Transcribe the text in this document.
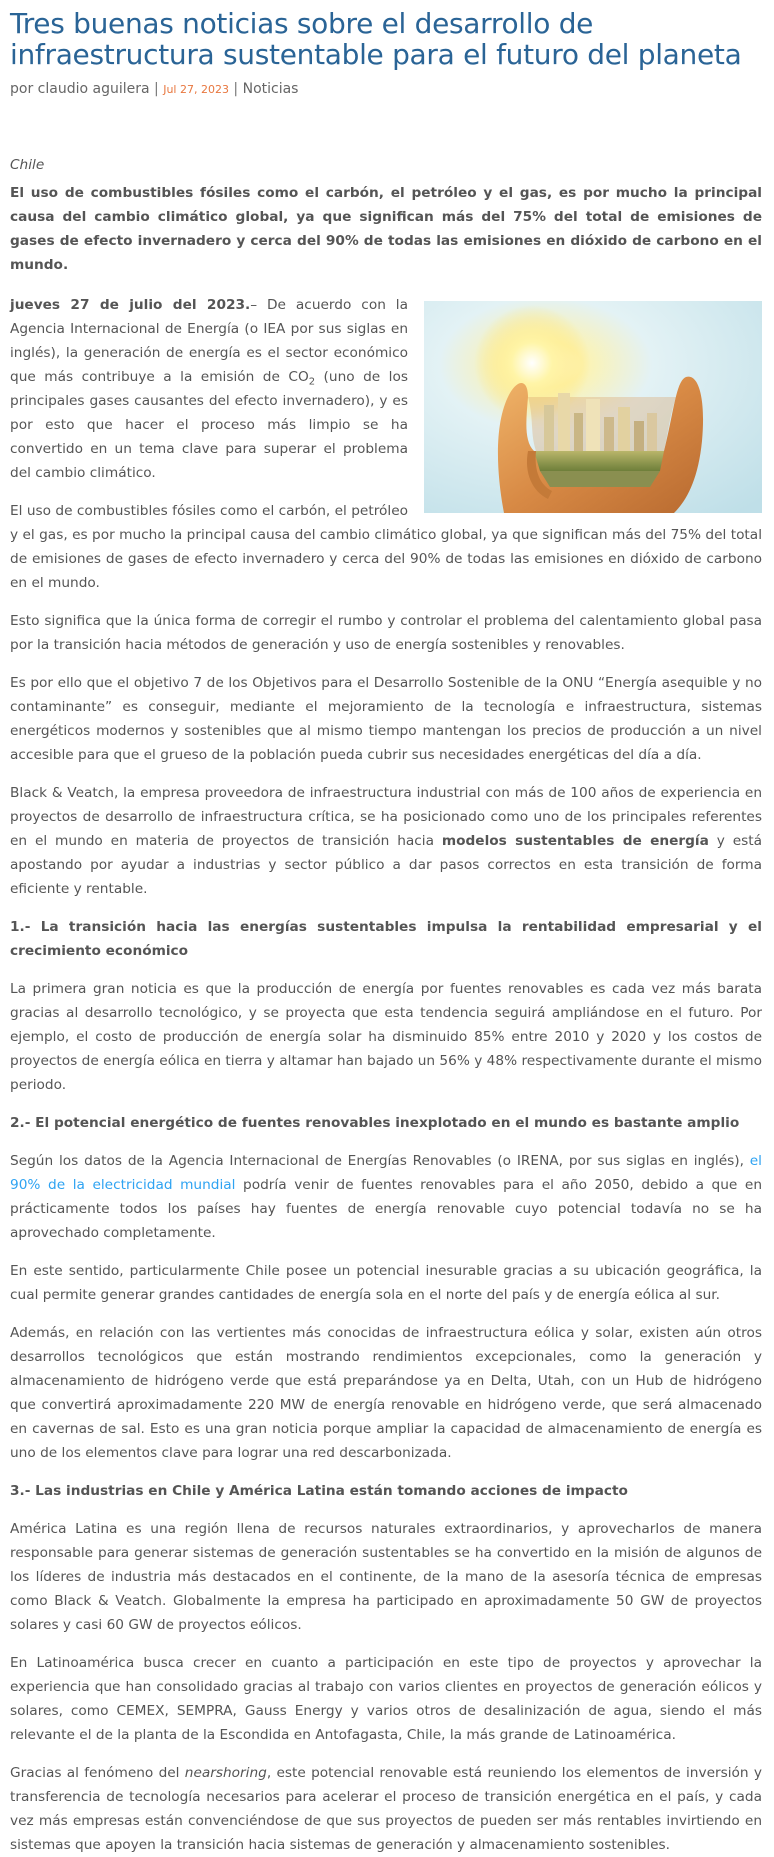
Tres buenas noticias sobre el desarrollo de infraestructura sustentable para el futuro del planeta
por claudio aguilera | Jul 27, 2023 | Noticias

Chile

El uso de combustibles fósiles como el carbón, el petróleo y el gas, es por mucho la principal causa del cambio climático global, ya que significan más del 75% del total de emisiones de gases de efecto invernadero y cerca del 90% de todas las emisiones en dióxido de carbono en el mundo.

jueves 27 de julio del 2023.– De acuerdo con la Agencia Internacional de Energía (o IEA por sus siglas en inglés), la generación de energía es el sector económico que más contribuye a la emisión de $CO_2$ (uno de los principales gases causantes del efecto invernadero), y es por esto que hacer el proceso más limpio se ha convertido en un tema clave para superar el problema del cambio climático.

El uso de combustibles fósiles como el carbón, el petróleo y el gas, es por mucho la principal causa del cambio climático global, ya que significan más del 75% del total de emisiones de gases de efecto invernadero y cerca del 90% de todas las emisiones en dióxido de carbono en el mundo.

Esto significa que la única forma de corregir el rumbo y controlar el problema del calentamiento global pasa por la transición hacia métodos de generación y uso de energía sostenibles y renovables.

Es por ello que el objetivo 7 de los Objetivos para el Desarrollo Sostenible de la ONU “Energía asequible y no contaminante” es conseguir, mediante el mejoramiento de la tecnología e infraestructura, sistemas energéticos modernos y sostenibles que al mismo tiempo mantengan los precios de producción a un nivel accesible para que el grueso de la población pueda cubrir sus necesidades energéticas del día a día.

Black & Veatch, la empresa proveedora de infraestructura industrial con más de 100 años de experiencia en proyectos de desarrollo de infraestructura crítica, se ha posicionado como uno de los principales referentes en el mundo en materia de proyectos de transición hacia modelos sustentables de energía y está apostando por ayudar a industrias y sector público a dar pasos correctos en esta transición de forma eficiente y rentable.

1.- La transición hacia las energías sustentables impulsa la rentabilidad empresarial y el crecimiento económico

La primera gran noticia es que la producción de energía por fuentes renovables es cada vez más barata gracias al desarrollo tecnológico, y se proyecta que esta tendencia seguirá ampliándose en el futuro. Por ejemplo, el costo de producción de energía solar ha disminuido 85% entre 2010 y 2020 y los costos de proyectos de energía eólica en tierra y altamar han bajado un 56% y 48% respectivamente durante el mismo periodo.

2.- El potencial energético de fuentes renovables inexplotado en el mundo es bastante amplio

Según los datos de la Agencia Internacional de Energías Renovables (o IRENA, por sus siglas en inglés), el 90% de la electricidad mundial podría venir de fuentes renovables para el año 2050, debido a que en prácticamente todos los países hay fuentes de energía renovable cuyo potencial todavía no se ha aprovechado completamente.

En este sentido, particularmente Chile posee un potencial inesurable gracias a su ubicación geográfica, la cual permite generar grandes cantidades de energía sola en el norte del país y de energía eólica al sur.

Además, en relación con las vertientes más conocidas de infraestructura eólica y solar, existen aún otros desarrollos tecnológicos que están mostrando rendimientos excepcionales, como la generación y almacenamiento de hidrógeno verde que está preparándose ya en Delta, Utah, con un Hub de hidrógeno que convertirá aproximadamente 220 MW de energía renovable en hidrógeno verde, que será almacenado en cavernas de sal. Esto es una gran noticia porque ampliar la capacidad de almacenamiento de energía es uno de los elementos clave para lograr una red descarbonizada.

3.- Las industrias en Chile y América Latina están tomando acciones de impacto

América Latina es una región llena de recursos naturales extraordinarios, y aprovecharlos de manera responsable para generar sistemas de generación sustentables se ha convertido en la misión de algunos de los líderes de industria más destacados en el continente, de la mano de la asesoría técnica de empresas como Black & Veatch. Globalmente la empresa ha participado en aproximadamente 50 GW de proyectos solares y casi 60 GW de proyectos eólicos.

En Latinoamérica busca crecer en cuanto a participación en este tipo de proyectos y aprovechar la experiencia que han consolidado gracias al trabajo con varios clientes en proyectos de generación eólicos y solares, como CEMEX, SEMPRA, Gauss Energy y varios otros de desalinización de agua, siendo el más relevante el de la planta de la Escondida en Antofagasta, Chile, la más grande de Latinoamérica.

Gracias al fenómeno del nearshoring, este potencial renovable está reuniendo los elementos de inversión y transferencia de tecnología necesarios para acelerar el proceso de transición energética en el país, y cada vez más empresas están convenciéndose de que sus proyectos de pueden ser más rentables invirtiendo en sistemas que apoyen la transición hacia sistemas de generación y almacenamiento sostenibles.
